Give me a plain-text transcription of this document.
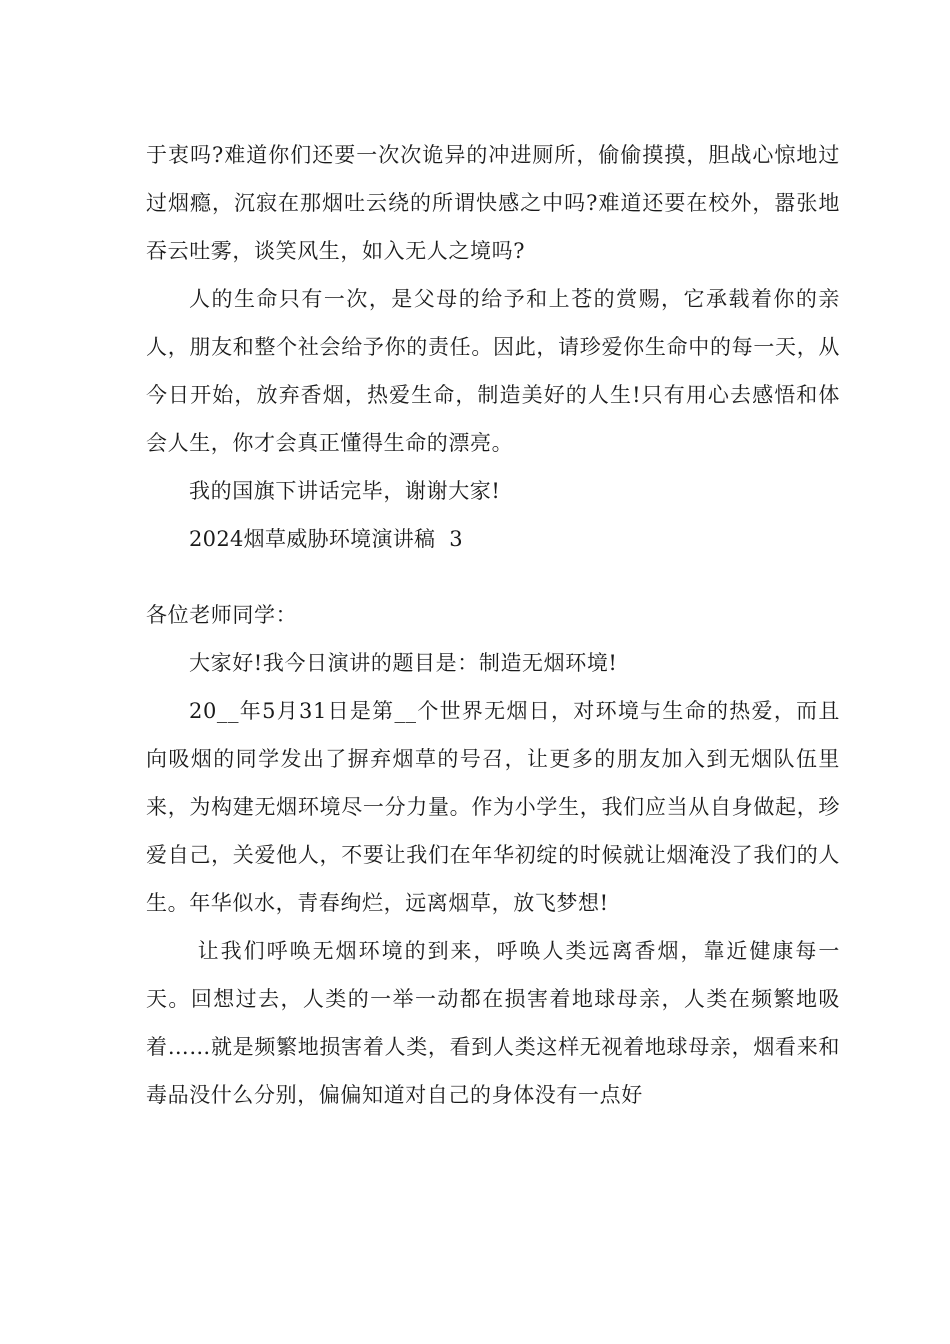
于衷吗?难道你们还要一次次诡异的冲进厕所，偷偷摸摸，胆战心惊地过过烟瘾，沉寂在那烟吐云绕的所谓快感之中吗?难道还要在校外，嚣张地吞云吐雾，谈笑风生，如入无人之境吗?

人的生命只有一次，是父母的给予和上苍的赏赐，它承载着你的亲人，朋友和整个社会给予你的责任。因此，请珍爱你生命中的每一天，从今日开始，放弃香烟，热爱生命，制造美好的人生!只有用心去感悟和体会人生，你才会真正懂得生命的漂亮。

我的国旗下讲话完毕，谢谢大家!

2024烟草威胁环境演讲稿  3

各位老师同学：

大家好!我今日演讲的题目是：制造无烟环境!

20__年5月31日是第__个世界无烟日，对环境与生命的热爱，而且向吸烟的同学发出了摒弃烟草的号召，让更多的朋友加入到无烟队伍里来，为构建无烟环境尽一分力量。作为小学生，我们应当从自身做起，珍爱自己，关爱他人，不要让我们在年华初绽的时候就让烟淹没了我们的人生。年华似水，青春绚烂，远离烟草，放飞梦想!

让我们呼唤无烟环境的到来，呼唤人类远离香烟，靠近健康每一天。回想过去，人类的一举一动都在损害着地球母亲，人类在频繁地吸着……就是频繁地损害着人类，看到人类这样无视着地球母亲，烟看来和毒品没什么分别，偏偏知道对自己的身体没有一点好
